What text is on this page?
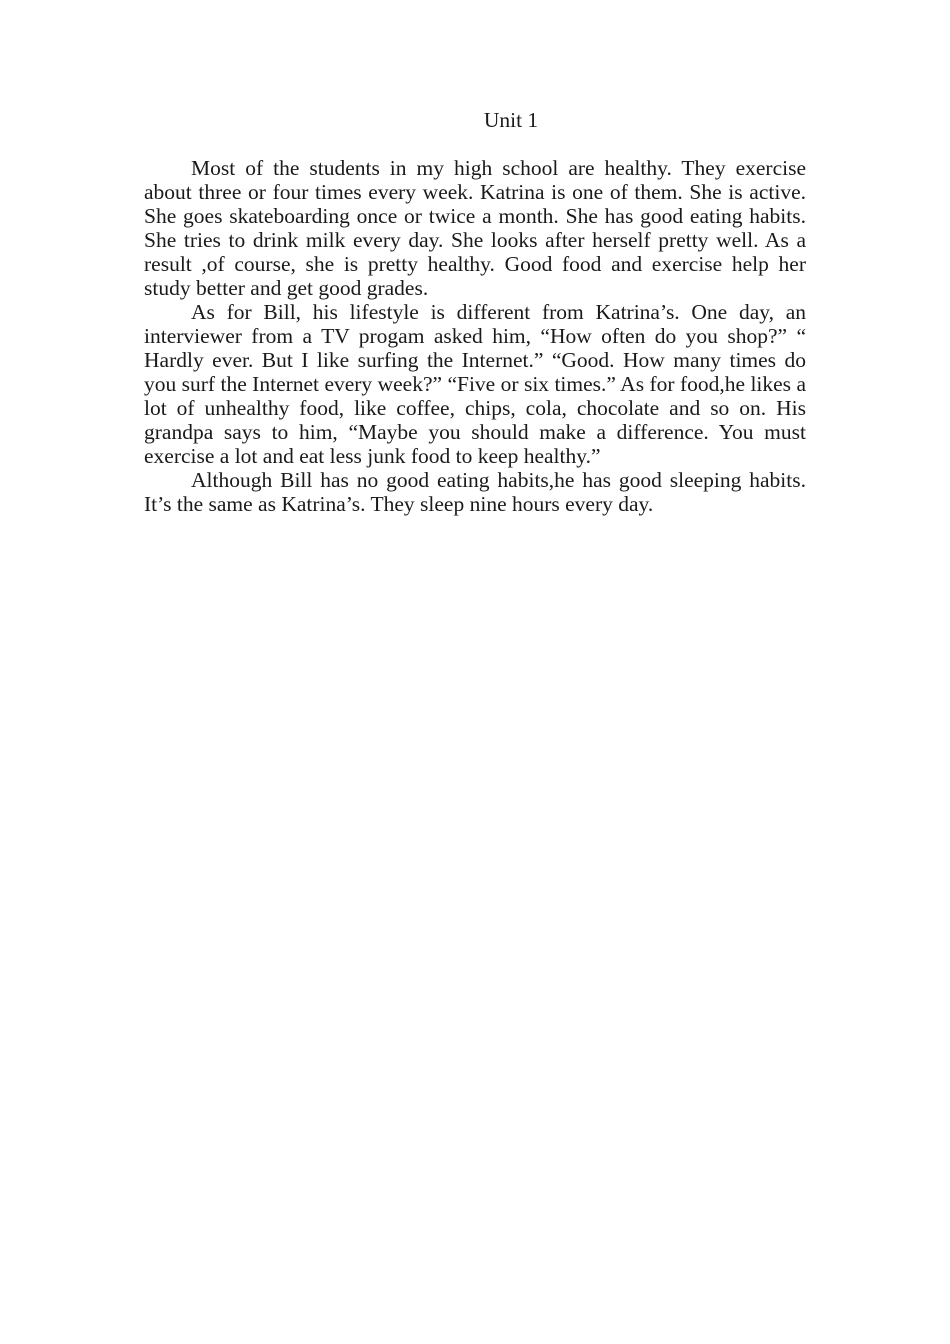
Unit 1

Most of the students in my high school are healthy. They exercise about three or four times every week. Katrina is one of them. She is active. She goes skateboarding once or twice a month. She has good eating habits. She tries to drink milk every day. She looks after herself pretty well. As a result ,of course, she is pretty healthy. Good food and exercise help her study better and get good grades.

As for Bill, his lifestyle is different from Katrina’s. One day, an interviewer from a TV progam asked him, “How often do you shop?” “ Hardly ever. But I like surfing the Internet.” “Good. How many times do you surf the Internet every week?” “Five or six times.” As for food,he likes a lot of unhealthy food, like coffee, chips, cola, chocolate and so on. His grandpa says to him, “Maybe you should make a difference. You must exercise a lot and eat less junk food to keep healthy.”

Although Bill has no good eating habits,he has good sleeping habits. It’s the same as Katrina’s. They sleep nine hours every day.
